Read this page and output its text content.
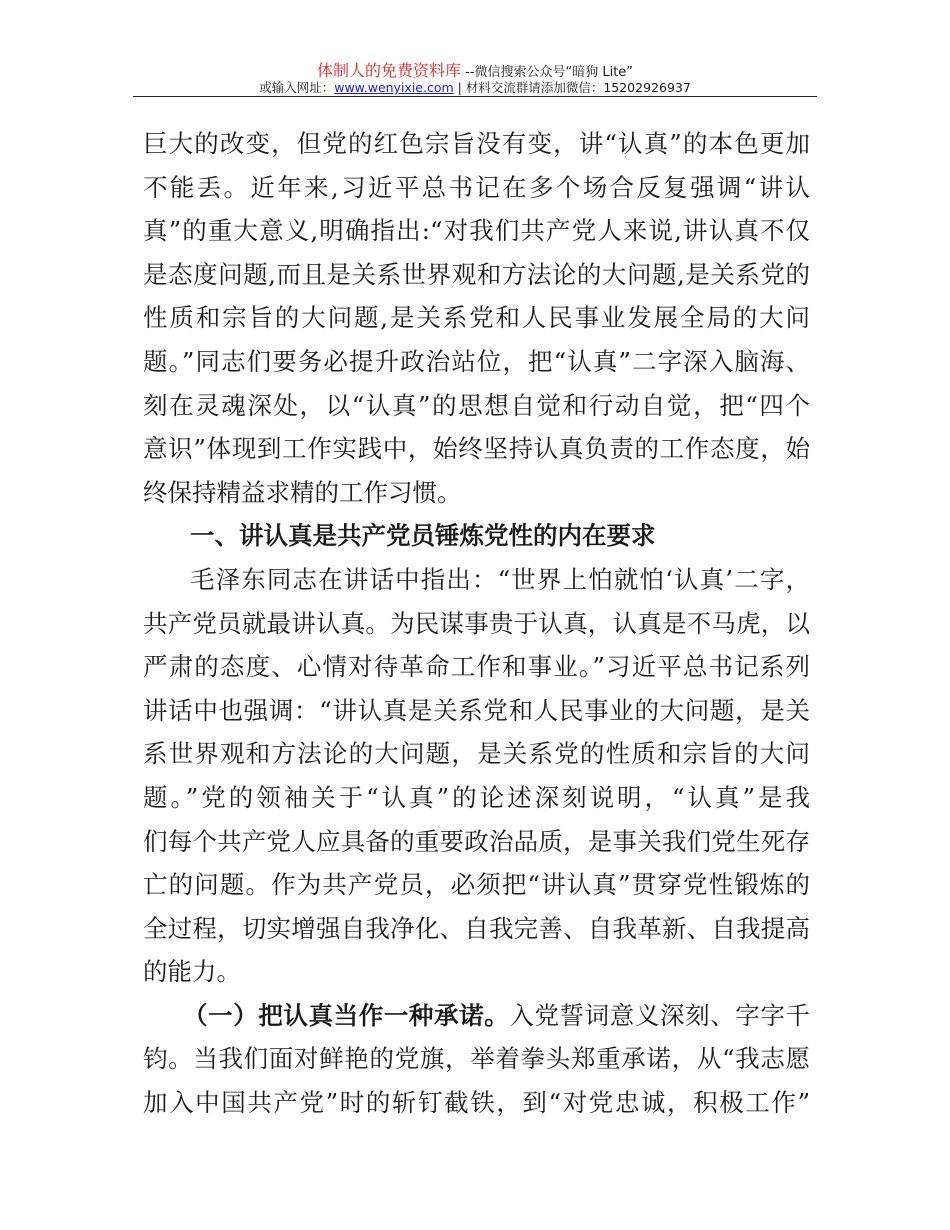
体制人的免费资料库 --微信搜索公众号“暗狗 Lite”
或输入网址：www.wenyixie.com | 材料交流群请添加微信：15202926937
巨大的改变，但党的红色宗旨没有变，讲“认真”的本色更加
不能丢。近年来,习近平总书记在多个场合反复强调“讲认
真”的重大意义,明确指出:“对我们共产党人来说,讲认真不仅
是态度问题,而且是关系世界观和方法论的大问题,是关系党的
性质和宗旨的大问题,是关系党和人民事业发展全局的大问
题。”同志们要务必提升政治站位，把“认真”二字深入脑海、
刻在灵魂深处，以“认真”的思想自觉和行动自觉，把“四个
意识”体现到工作实践中，始终坚持认真负责的工作态度，始
终保持精益求精的工作习惯。
一、讲认真是共产党员锤炼党性的内在要求
毛泽东同志在讲话中指出：“世界上怕就怕‘认真’二字，
共产党员就最讲认真。为民谋事贵于认真，认真是不马虎，以
严肃的态度、心情对待革命工作和事业。”习近平总书记系列
讲话中也强调：“讲认真是关系党和人民事业的大问题，是关
系世界观和方法论的大问题，是关系党的性质和宗旨的大问
题。”党的领袖关于“认真”的论述深刻说明，“认真”是我
们每个共产党人应具备的重要政治品质，是事关我们党生死存
亡的问题。作为共产党员，必须把“讲认真”贯穿党性锻炼的
全过程，切实增强自我净化、自我完善、自我革新、自我提高
的能力。
（一）把认真当作一种承诺。入党誓词意义深刻、字字千
钧。当我们面对鲜艳的党旗，举着拳头郑重承诺，从“我志愿
加入中国共产党”时的斩钉截铁，到“对党忠诚，积极工作”
